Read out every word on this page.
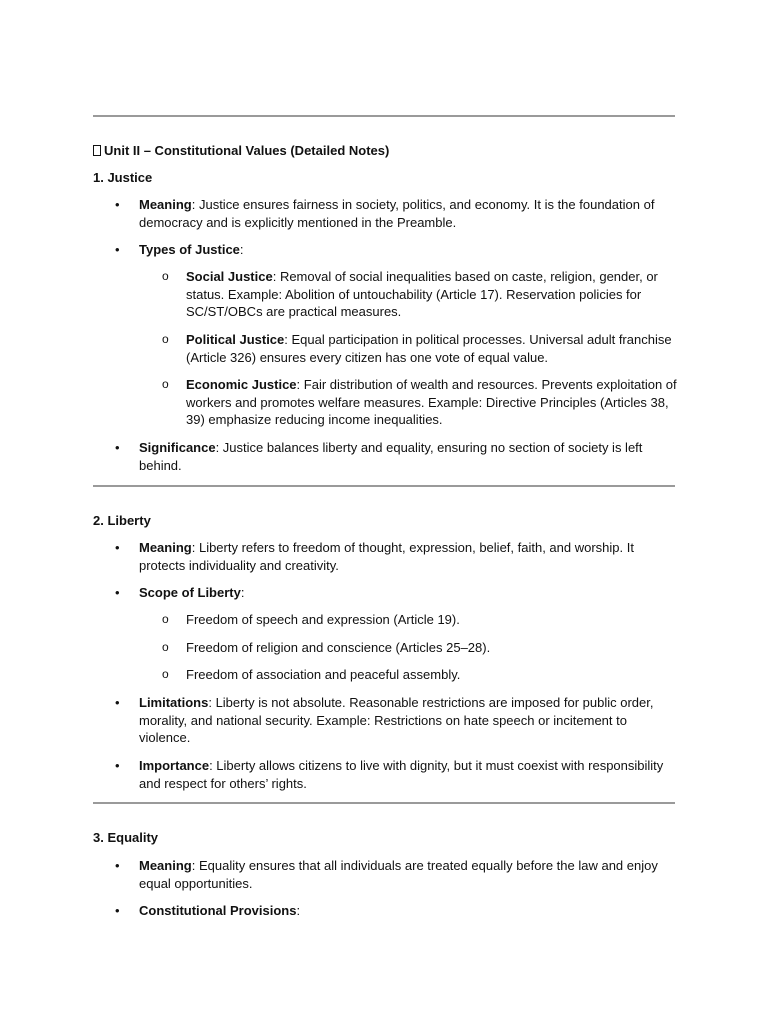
Unit II – Constitutional Values (Detailed Notes)
1. Justice
• Meaning: Justice ensures fairness in society, politics, and economy. It is the foundation of
democracy and is explicitly mentioned in the Preamble.
• Types of Justice:
o Social Justice: Removal of social inequalities based on caste, religion, gender, or
status. Example: Abolition of untouchability (Article 17). Reservation policies for
SC/ST/OBCs are practical measures.
o Political Justice: Equal participation in political processes. Universal adult franchise
(Article 326) ensures every citizen has one vote of equal value.
o Economic Justice: Fair distribution of wealth and resources. Prevents exploitation of
workers and promotes welfare measures. Example: Directive Principles (Articles 38,
39) emphasize reducing income inequalities.
• Significance: Justice balances liberty and equality, ensuring no section of society is left
behind.
2. Liberty
• Meaning: Liberty refers to freedom of thought, expression, belief, faith, and worship. It
protects individuality and creativity.
• Scope of Liberty:
o Freedom of speech and expression (Article 19).
o Freedom of religion and conscience (Articles 25–28).
o Freedom of association and peaceful assembly.
• Limitations: Liberty is not absolute. Reasonable restrictions are imposed for public order,
morality, and national security. Example: Restrictions on hate speech or incitement to
violence.
• Importance: Liberty allows citizens to live with dignity, but it must coexist with responsibility
and respect for others’ rights.
3. Equality
• Meaning: Equality ensures that all individuals are treated equally before the law and enjoy
equal opportunities.
• Constitutional Provisions:
